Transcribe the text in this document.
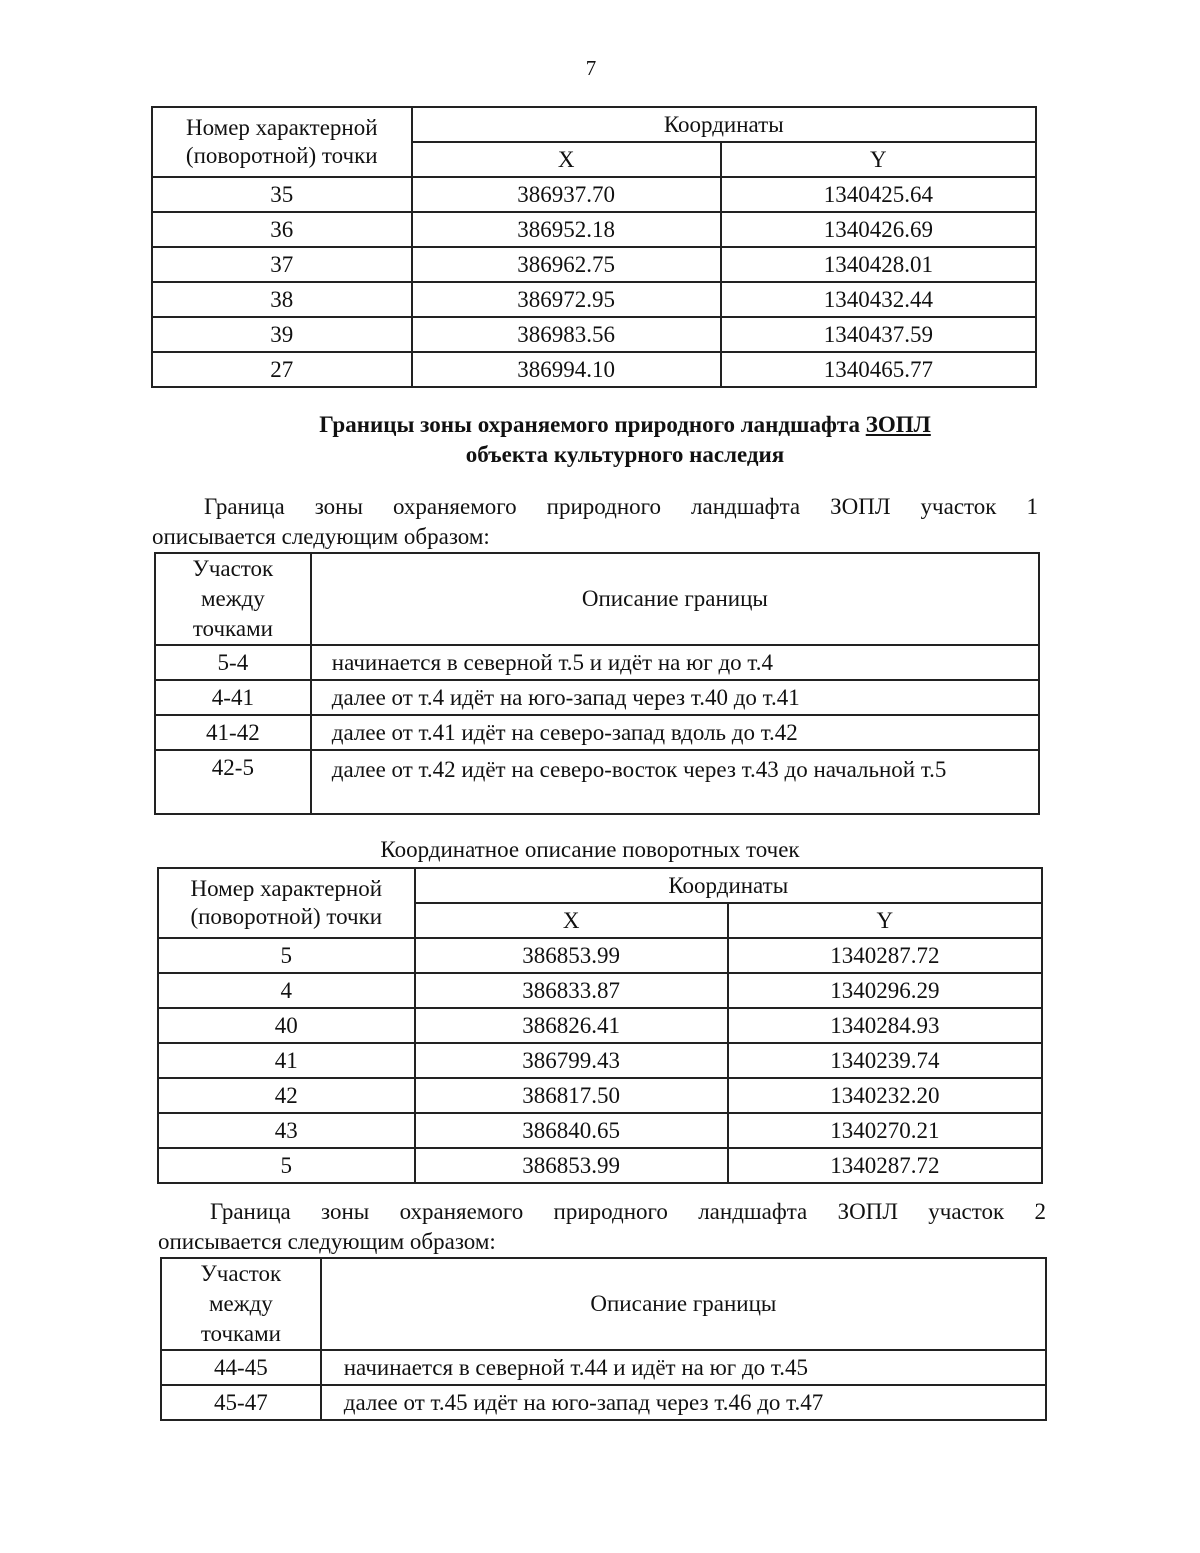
7
Номер характерной
(поворотной) точки	Координаты	
	X	Y
35	386937.70	1340425.64
36	386952.18	1340426.69
37	386962.75	1340428.01
38	386972.95	1340432.44
39	386983.56	1340437.59
27	386994.10	1340465.77
Границы зоны охраняемого природного ландшафта ЗОПЛ
объекта культурного наследия
Граница зоны охраняемого природного ландшафта ЗОПЛ участок 1
описывается следующим образом:
Участок
между
точками	Описание границы
5-4	начинается в северной т.5 и идёт на юг до т.4
4-41	далее от т.4 идёт на юго-запад через т.40 до т.41
41-42	далее от т.41 идёт на северо-запад вдоль до т.42
42-5	далее от т.42 идёт на северо-восток через т.43 до начальной т.5
Координатное описание поворотных точек
Номер характерной
(поворотной) точки	Координаты	
	X	Y
5	386853.99	1340287.72
4	386833.87	1340296.29
40	386826.41	1340284.93
41	386799.43	1340239.74
42	386817.50	1340232.20
43	386840.65	1340270.21
5	386853.99	1340287.72
Граница зоны охраняемого природного ландшафта ЗОПЛ участок 2
описывается следующим образом:
Участок
между
точками	Описание границы
44-45	начинается в северной т.44 и идёт на юг до т.45
45-47	далее от т.45 идёт на юго-запад через т.46 до т.47
